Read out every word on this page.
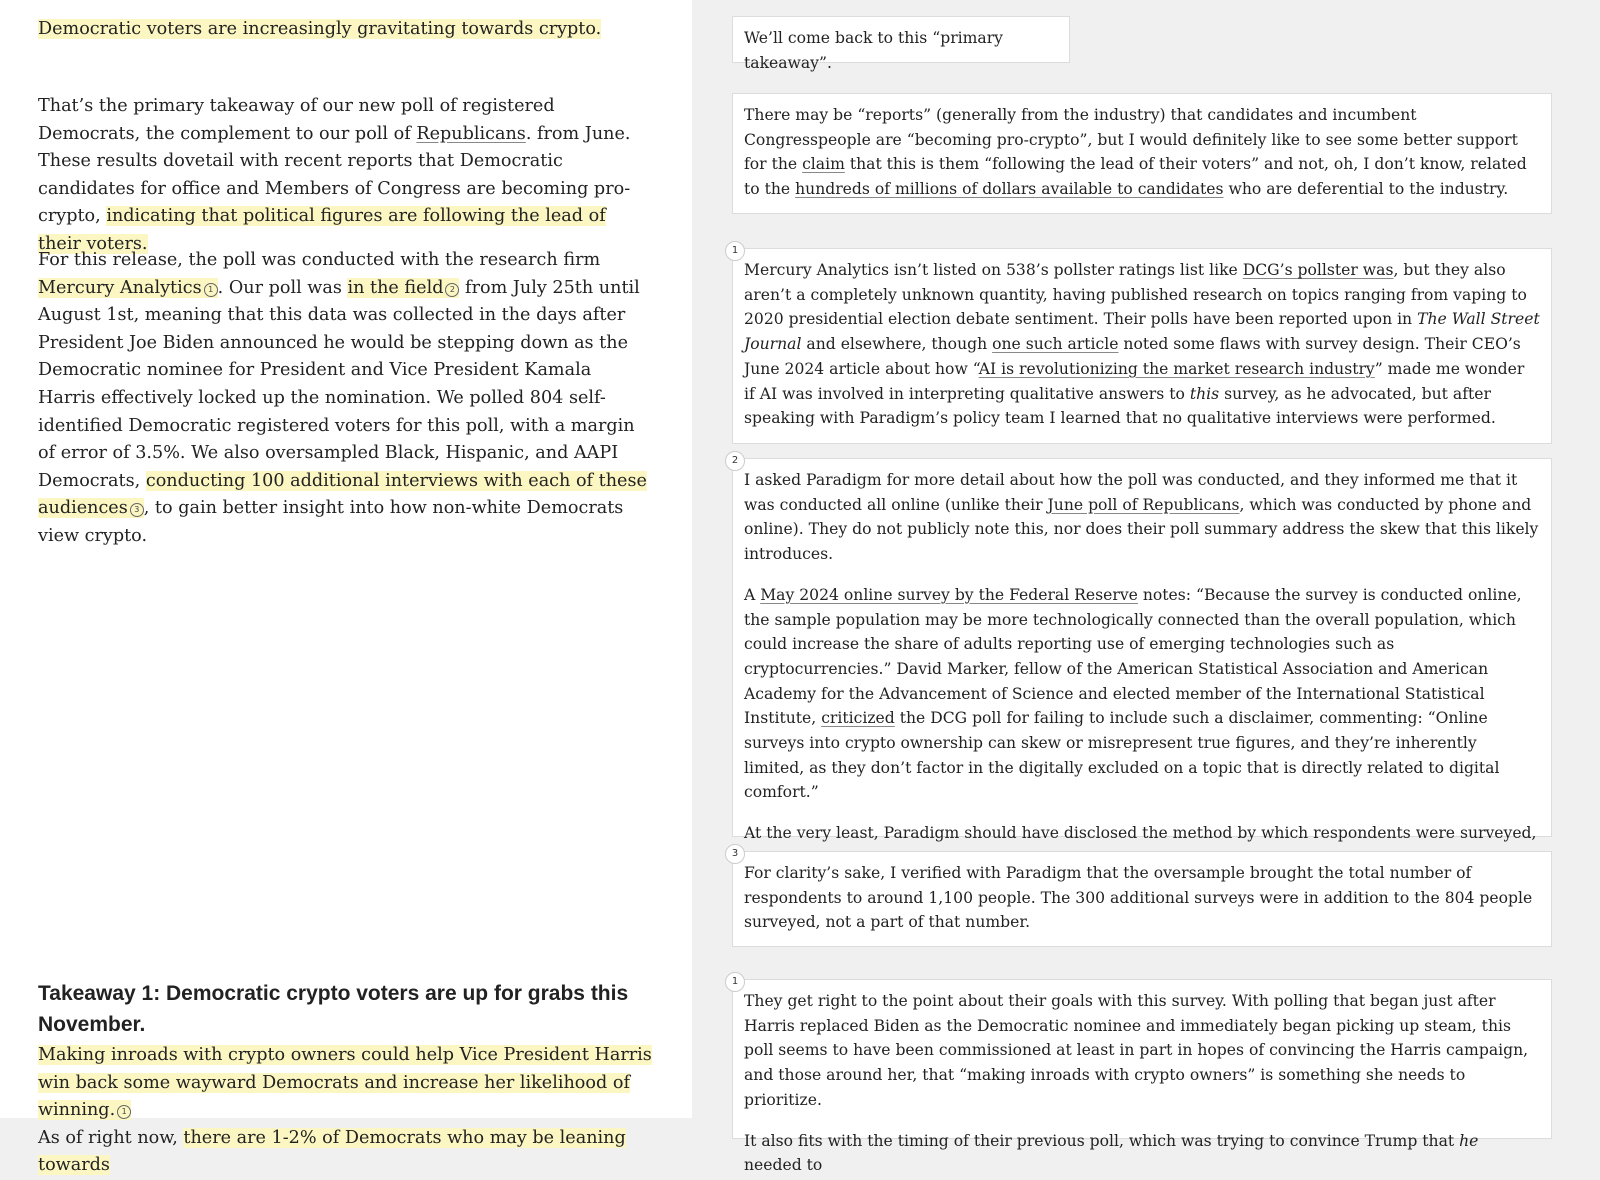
Democratic voters are increasingly gravitating towards crypto.

That’s the primary takeaway of our new poll of registered Democrats, the complement to our poll of Republicans. from June. These results dovetail with recent reports that Democratic candidates for office and Members of Congress are becoming pro-crypto, indicating that political figures are following the lead of their voters.

For this release, the poll was conducted with the research firm Mercury Analytics 1 . Our poll was in the field 2 from July 25th until August 1st, meaning that this data was collected in the days after President Joe Biden announced he would be stepping down as the Democratic nominee for President and Vice President Kamala Harris effectively locked up the nomination. We polled 804 self-identified Democratic registered voters for this poll, with a margin of error of 3.5%. We also oversampled Black, Hispanic, and AAPI Democrats, conducting 100 additional interviews with each of these audiences 3 , to gain better insight into how non-white Democrats view crypto.

Takeaway 1: Democratic crypto voters are up for grabs this November.

Making inroads with crypto owners could help Vice President Harris win back some wayward Democrats and increase her likelihood of winning. 1
As of right now, there are 1-2% of Democrats who may be leaning towards

We’ll come back to this “primary takeaway”.

There may be “reports” (generally from the industry) that candidates and incumbent Congresspeople are “becoming pro-crypto”, but I would definitely like to see some better support for the claim that this is them “following the lead of their voters” and not, oh, I don’t know, related to the hundreds of millions of dollars available to candidates who are deferential to the industry.

1

Mercury Analytics isn’t listed on 538’s pollster ratings list like DCG’s pollster was, but they also aren’t a completely unknown quantity, having published research on topics ranging from vaping to 2020 presidential election debate sentiment. Their polls have been reported upon in The Wall Street Journal and elsewhere, though one such article noted some flaws with survey design. Their CEO’s June 2024 article about how “AI is revolutionizing the market research industry” made me wonder if AI was involved in interpreting qualitative answers to this survey, as he advocated, but after speaking with Paradigm’s policy team I learned that no qualitative interviews were performed.

2

I asked Paradigm for more detail about how the poll was conducted, and they informed me that it was conducted all online (unlike their June poll of Republicans, which was conducted by phone and online). They do not publicly note this, nor does their poll summary address the skew that this likely introduces.

A May 2024 online survey by the Federal Reserve notes: “Because the survey is conducted online, the sample population may be more technologically connected than the overall population, which could increase the share of adults reporting use of emerging technologies such as cryptocurrencies.” David Marker, fellow of the American Statistical Association and American Academy for the Advancement of Science and elected member of the International Statistical Institute, criticized the DCG poll for failing to include such a disclaimer, commenting: “Online surveys into crypto ownership can skew or misrepresent true figures, and they’re inherently limited, as they don’t factor in the digitally excluded on a topic that is directly related to digital comfort.”

At the very least, Paradigm should have disclosed the method by which respondents were surveyed,

3

For clarity’s sake, I verified with Paradigm that the oversample brought the total number of respondents to around 1,100 people. The 300 additional surveys were in addition to the 804 people surveyed, not a part of that number.

1

They get right to the point about their goals with this survey. With polling that began just after Harris replaced Biden as the Democratic nominee and immediately began picking up steam, this poll seems to have been commissioned at least in part in hopes of convincing the Harris campaign, and those around her, that “making inroads with crypto owners” is something she needs to prioritize.

It also fits with the timing of their previous poll, which was trying to convince Trump that he needed to
